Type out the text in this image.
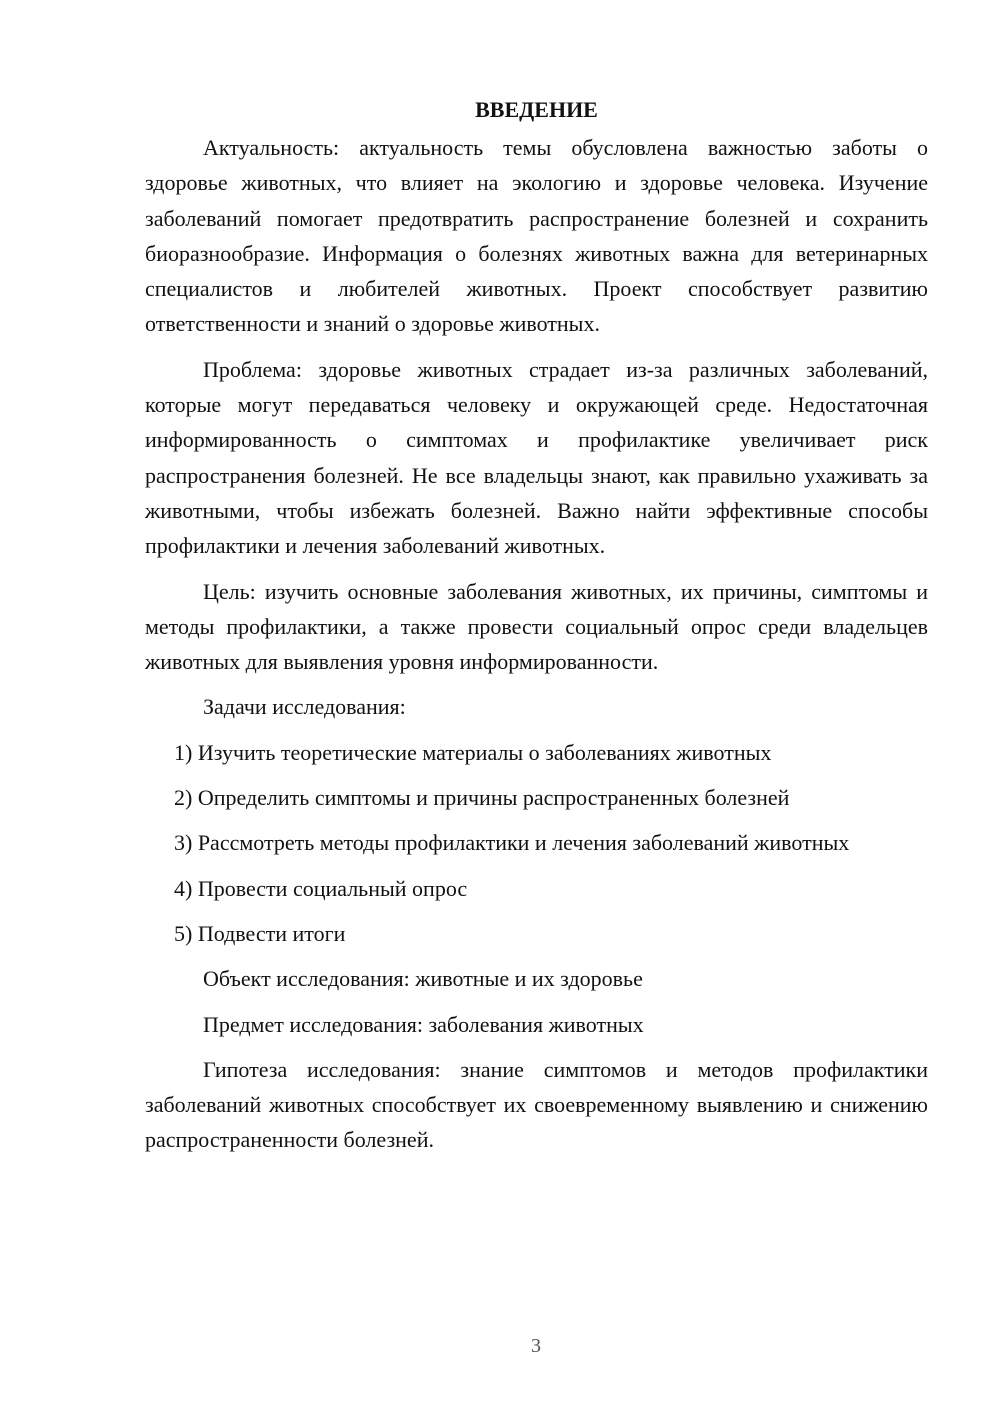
ВВЕДЕНИЕ

Актуальность: актуальность темы обусловлена важностью заботы о здоровье животных, что влияет на экологию и здоровье человека. Изучение заболеваний помогает предотвратить распространение болезней и сохранить биоразнообразие. Информация о болезнях животных важна для ветеринарных специалистов и любителей животных. Проект способствует развитию ответственности и знаний о здоровье животных.

Проблема: здоровье животных страдает из-за различных заболеваний, которые могут передаваться человеку и окружающей среде. Недостаточная информированность о симптомах и профилактике увеличивает риск распространения болезней. Не все владельцы знают, как правильно ухаживать за животными, чтобы избежать болезней. Важно найти эффективные способы профилактики и лечения заболеваний животных.

Цель: изучить основные заболевания животных, их причины, симптомы и методы профилактики, а также провести социальный опрос среди владельцев животных для выявления уровня информированности.

Задачи исследования:

1) Изучить теоретические материалы о заболеваниях животных

2) Определить симптомы и причины распространенных болезней

3) Рассмотреть методы профилактики и лечения заболеваний животных

4) Провести социальный опрос

5) Подвести итоги

Объект исследования: животные и их здоровье

Предмет исследования: заболевания животных

Гипотеза исследования: знание симптомов и методов профилактики заболеваний животных способствует их своевременному выявлению и снижению распространенности болезней.

3
